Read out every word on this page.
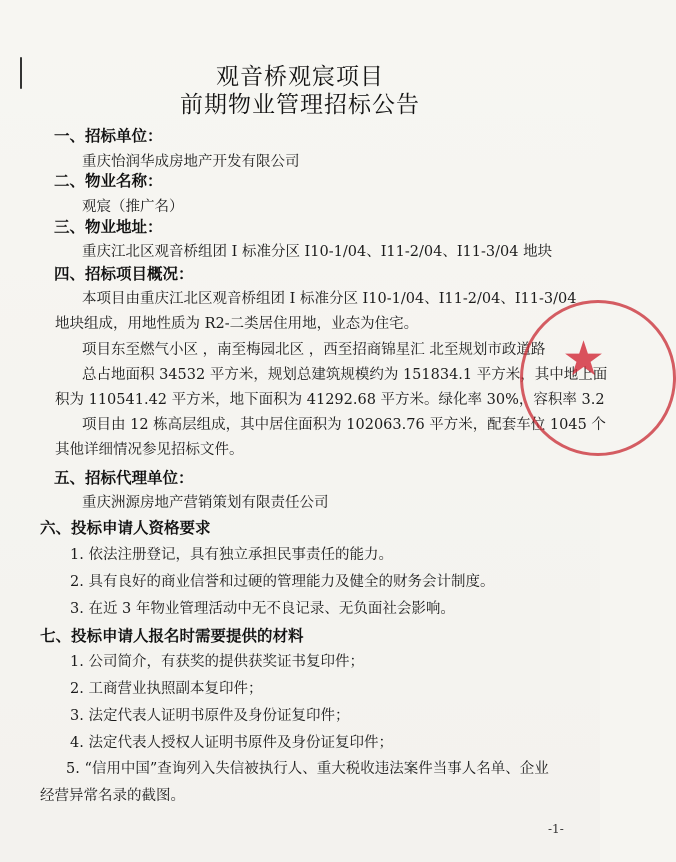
观音桥观宸项目
前期物业管理招标公告
一、招标单位：
重庆怡润华成房地产开发有限公司
二、物业名称：
观宸（推广名）
三、物业地址：
重庆江北区观音桥组团 I 标准分区 I10-1/04、I11-2/04、I11-3/04 地块
四、招标项目概况：
本项目由重庆江北区观音桥组团 I 标准分区 I10-1/04、I11-2/04、I11-3/04
地块组成，用地性质为 R2-二类居住用地，业态为住宅。
项目东至燃气小区 ，南至梅园北区 ，西至招商锦星汇 北至规划市政道路
总占地面积 34532 平方米，规划总建筑规模约为 151834.1 平方米，其中地上面
积为 110541.42 平方米，地下面积为 41292.68 平方米。绿化率 30%，容积率 3.2
项目由 12 栋高层组成，其中居住面积为 102063.76 平方米，配套车位 1045 个
其他详细情况参见招标文件。
五、招标代理单位：
重庆洲源房地产营销策划有限责任公司
六、投标申请人资格要求
1. 依法注册登记，具有独立承担民事责任的能力。
2. 具有良好的商业信誉和过硬的管理能力及健全的财务会计制度。
3. 在近 3 年物业管理活动中无不良记录、无负面社会影响。
七、投标申请人报名时需要提供的材料
1. 公司简介，有获奖的提供获奖证书复印件；
2. 工商营业执照副本复印件；
3. 法定代表人证明书原件及身份证复印件；
4. 法定代表人授权人证明书原件及身份证复印件；
5. “信用中国”查询列入失信被执行人、重大税收违法案件当事人名单、企业
经营异常名录的截图。
★
-1-
